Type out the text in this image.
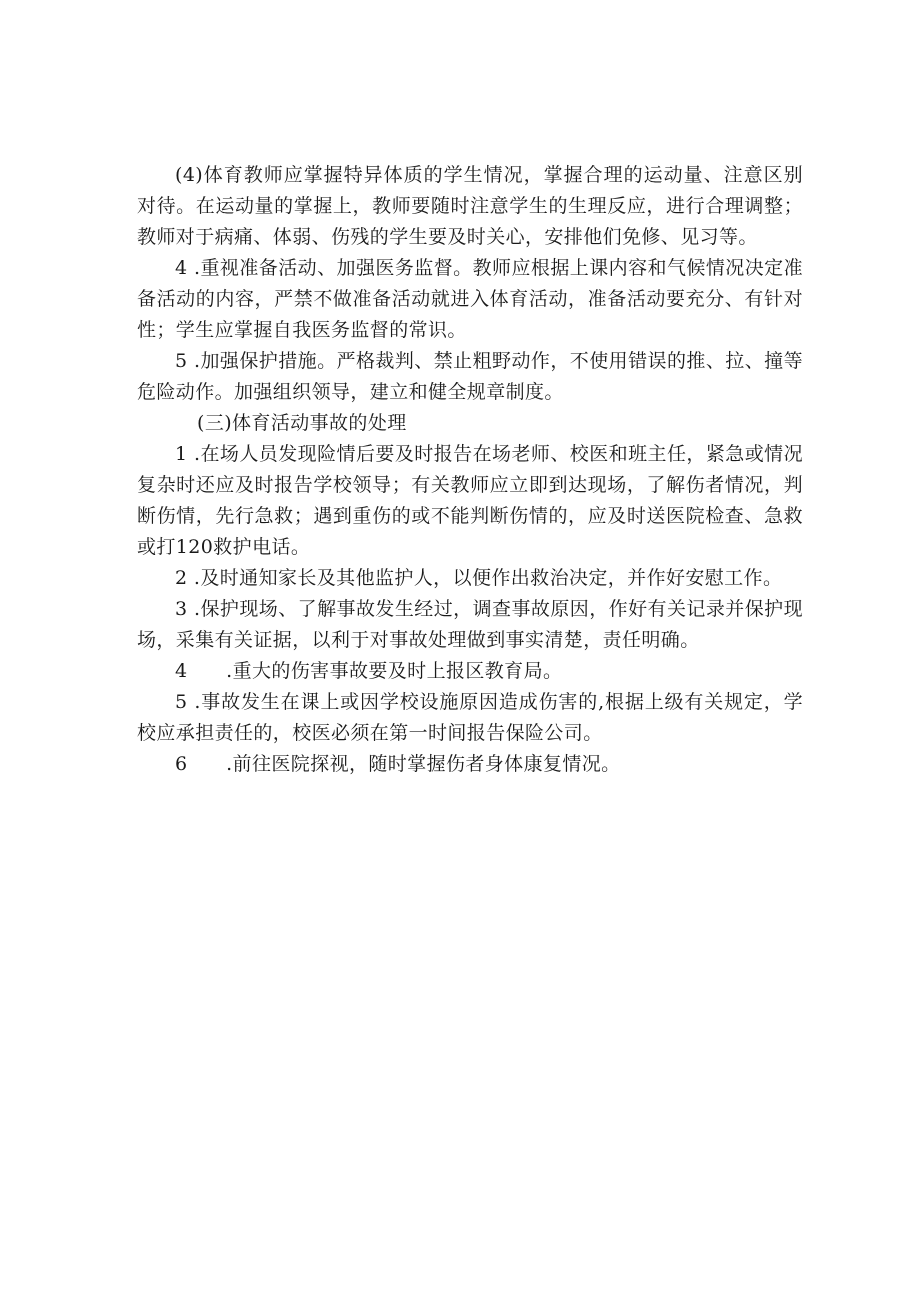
(4)体育教师应掌握特异体质的学生情况，掌握合理的运动量、注意区别对待。在运动量的掌握上，教师要随时注意学生的生理反应，进行合理调整；教师对于病痛、体弱、伤残的学生要及时关心，安排他们免修、见习等。

4 .重视准备活动、加强医务监督。教师应根据上课内容和气候情况决定准备活动的内容，严禁不做准备活动就进入体育活动，准备活动要充分、有针对性；学生应掌握自我医务监督的常识。

5 .加强保护措施。严格裁判、禁止粗野动作，不使用错误的推、拉、撞等危险动作。加强组织领导，建立和健全规章制度。

(三)体育活动事故的处理

1 .在场人员发现险情后要及时报告在场老师、校医和班主任，紧急或情况复杂时还应及时报告学校领导；有关教师应立即到达现场，了解伤者情况，判断伤情，先行急救；遇到重伤的或不能判断伤情的，应及时送医院检查、急救或打120救护电话。

2 .及时通知家长及其他监护人，以便作出救治决定，并作好安慰工作。

3 .保护现场、了解事故发生经过，调查事故原因，作好有关记录并保护现场，采集有关证据，以利于对事故处理做到事实清楚，责任明确。

4      .重大的伤害事故要及时上报区教育局。

5 .事故发生在课上或因学校设施原因造成伤害的,根据上级有关规定，学校应承担责任的，校医必须在第一时间报告保险公司。

6      .前往医院探视，随时掌握伤者身体康复情况。
